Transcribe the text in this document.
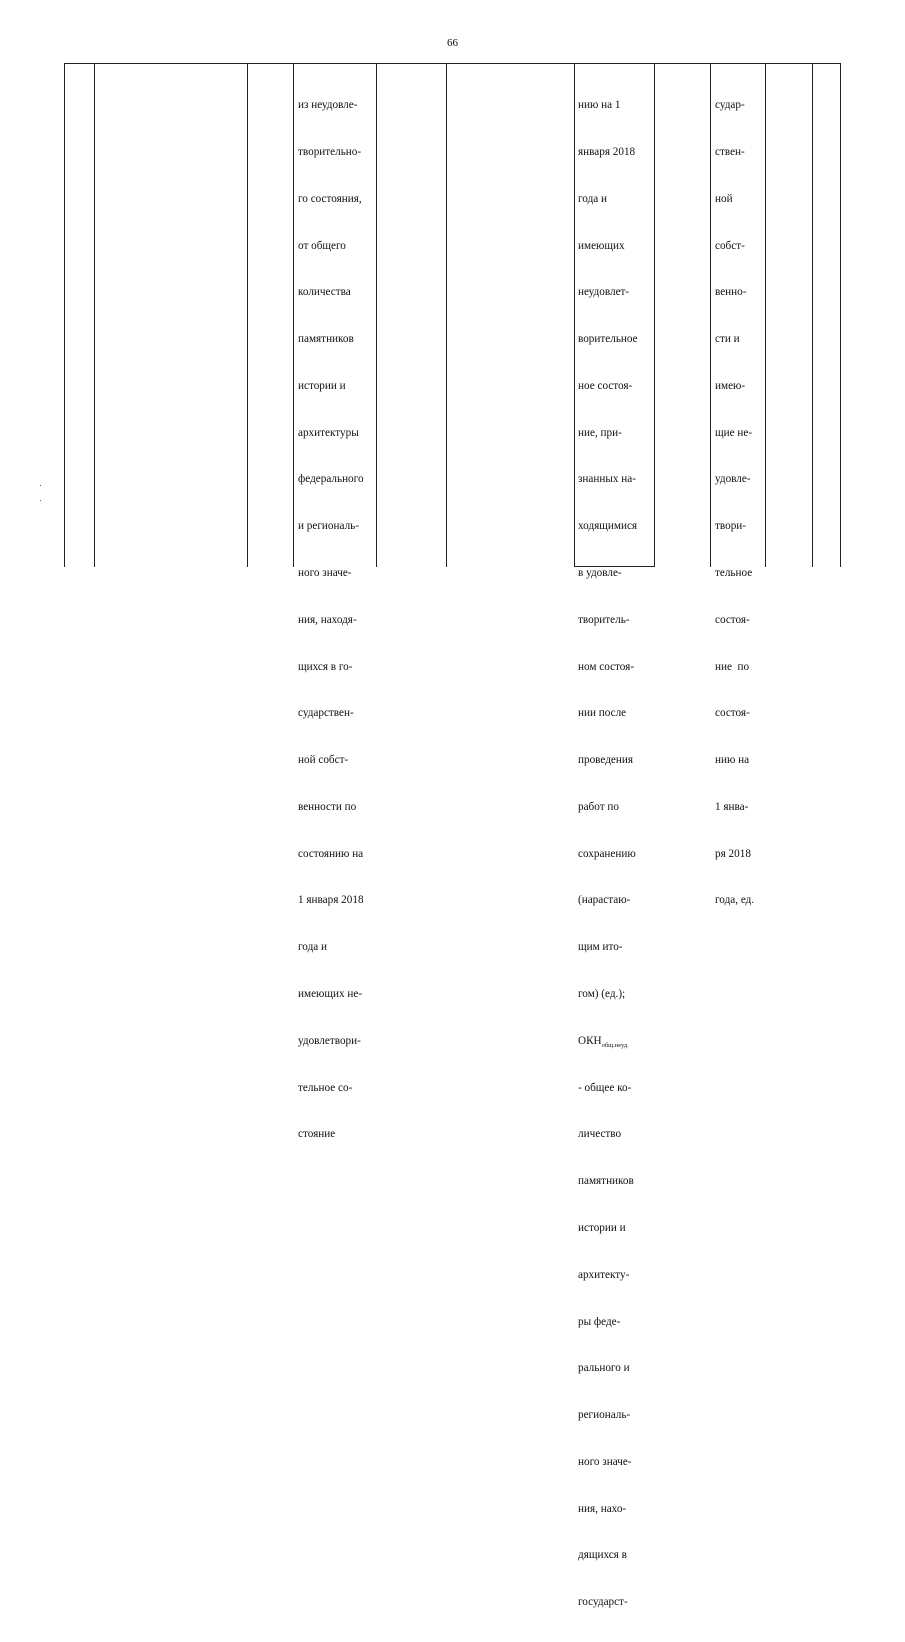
66

из неудовле-

творительно-

го состояния,

от общего

количества

памятников

истории и

архитектуры

федерального

и региональ-

ного значе-

ния, находя-

щихся в го-

сударствен-

ной собст-

венности по

состоянию на

1 января 2018

года и

имеющих не-

удовлетвори-

тельное со-

стояние

нию на 1

января 2018

года и

имеющих

неудовлет-

ворительное

ное состоя-

ние, при-

знанных на-

ходящимися

в удовле-

творитель-

ном состоя-

нии после

проведения

работ по

сохранению

(нарастаю-

щим ито-

гом) (ед.);

$ОКН_{общ.неуд.}$

- общее ко-

личество

памятников

истории и

архитекту-

ры феде-

рального и

региональ-

ного значе-

ния, нахо-

дящихся в

государст-

судар-

ствен-

ной

собст-

веннo-

сти и

имею-

щие не-

удовле-

твори-

тельное

состоя-

ние  по

состоя-

нию на

1 янва-

ря 2018

года, ед.
